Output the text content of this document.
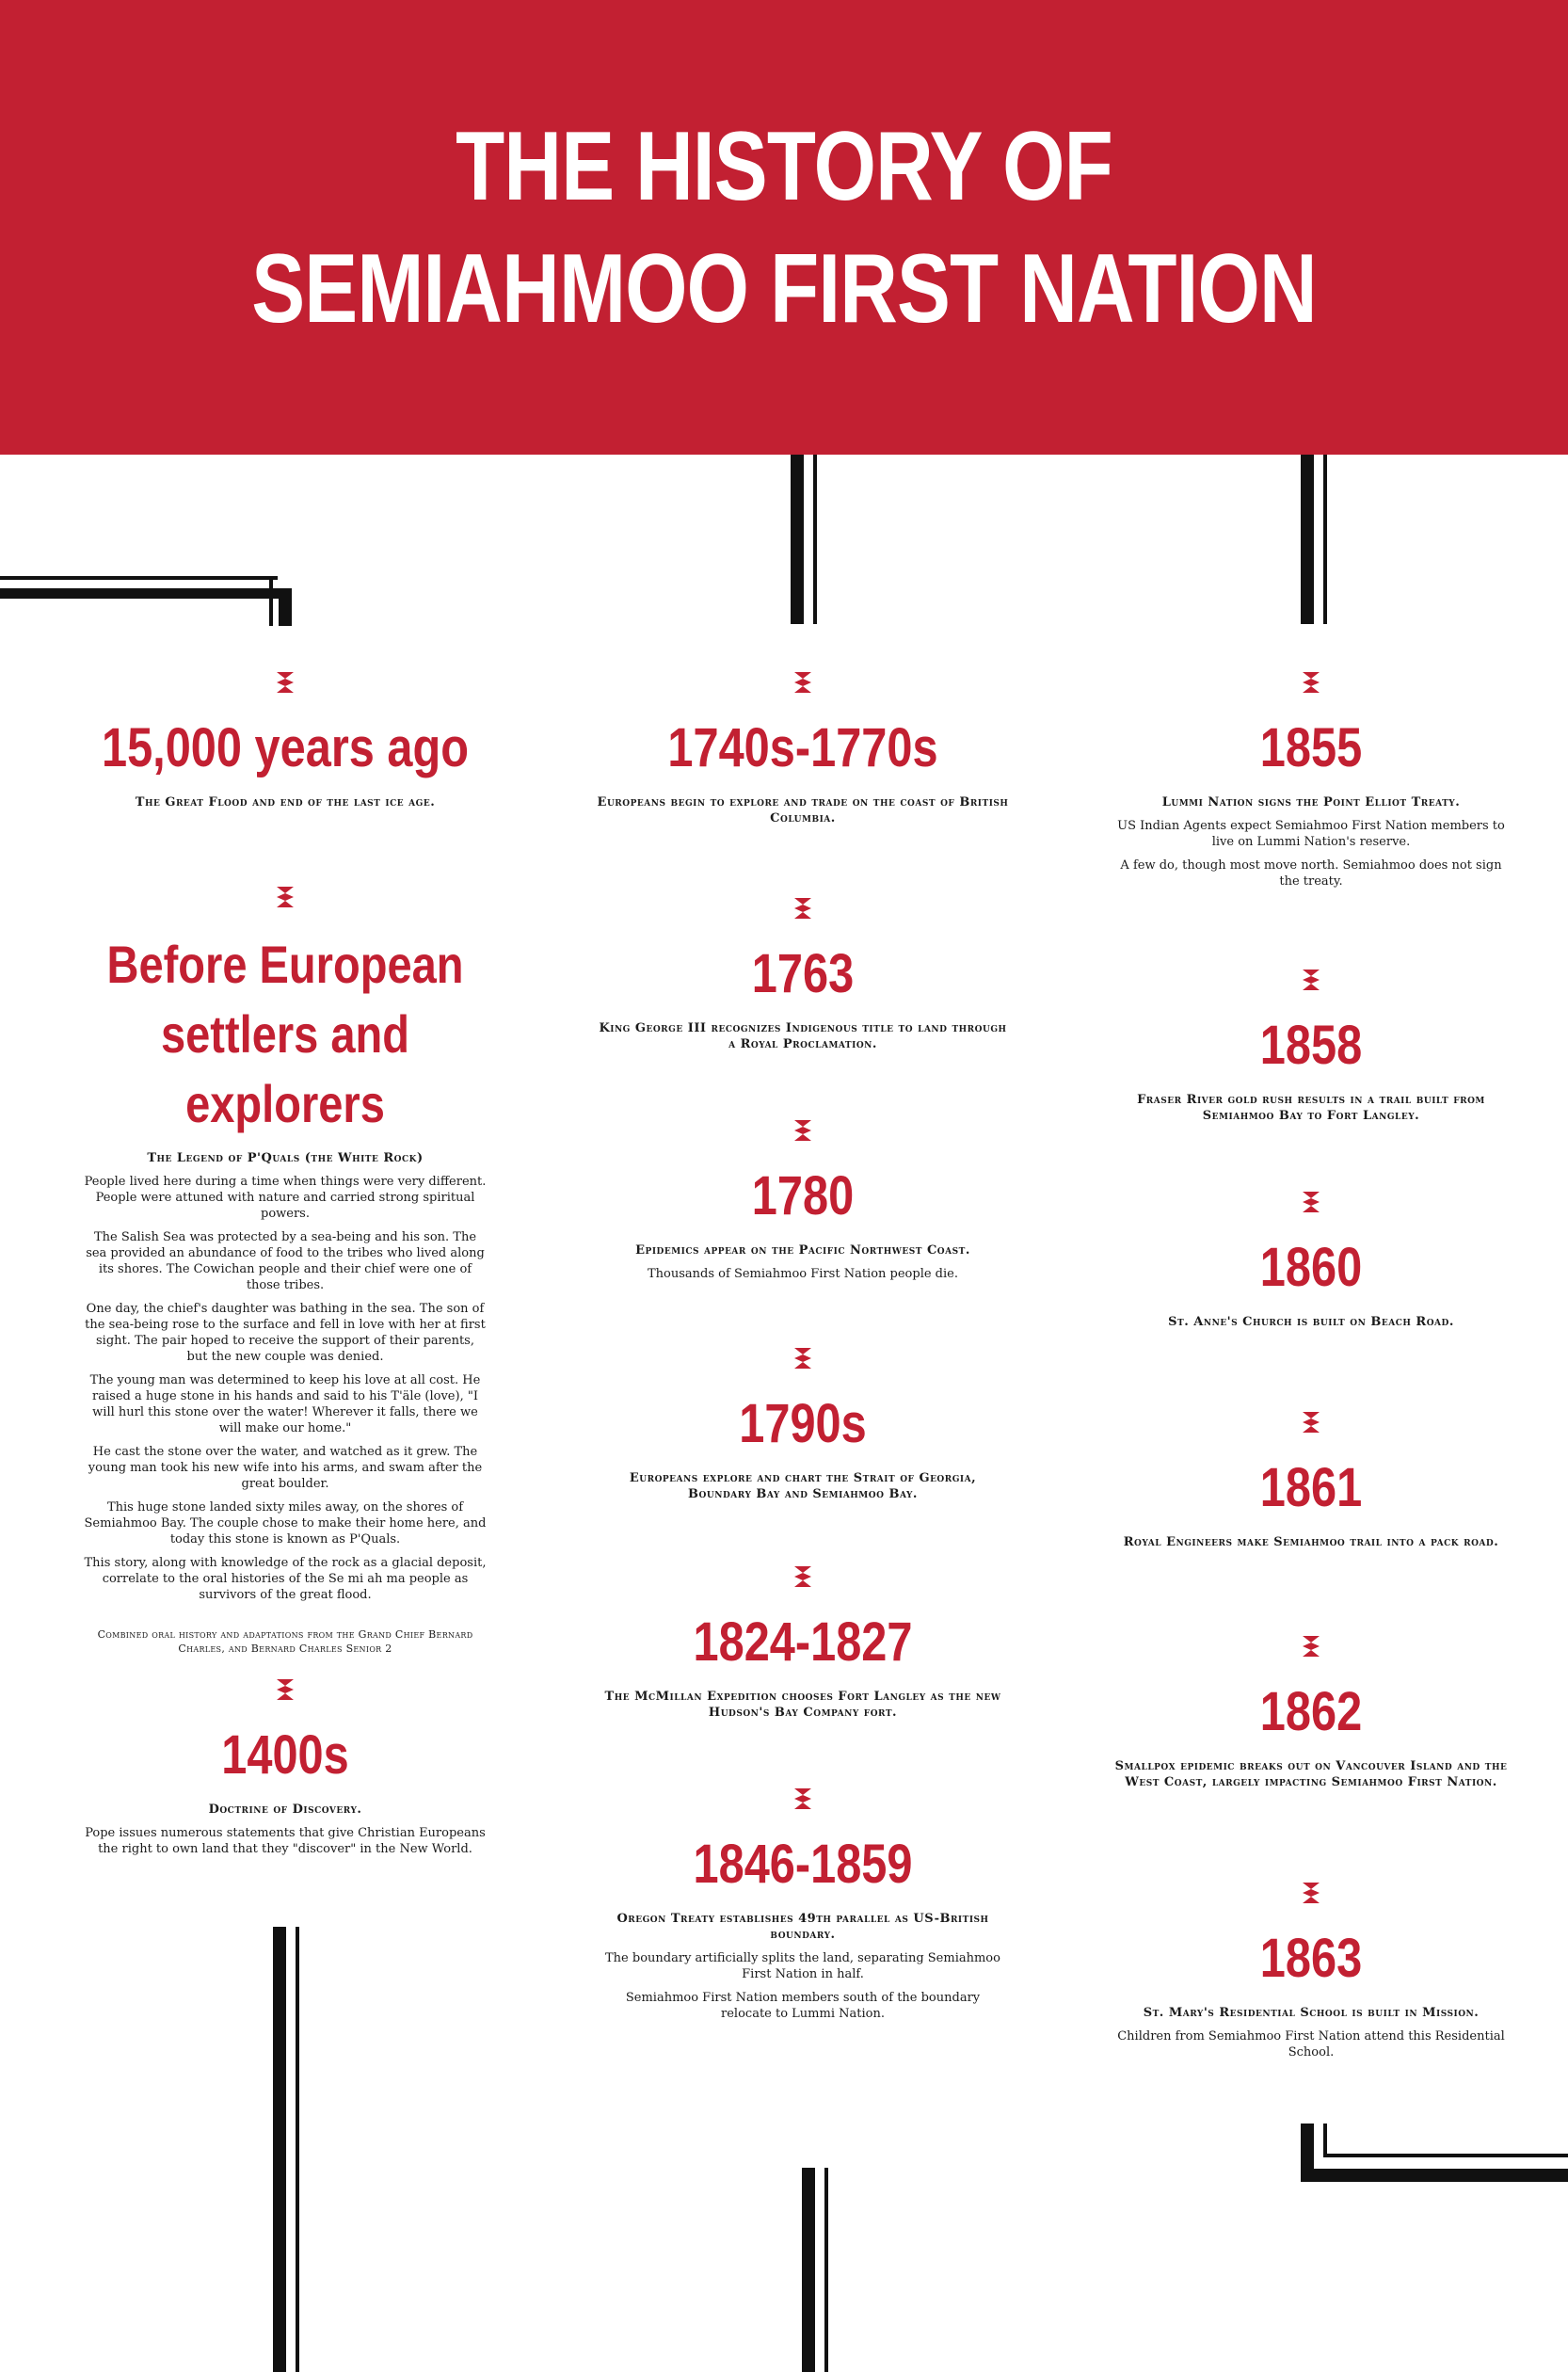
THE HISTORY OF
SEMIAHMOO FIRST NATION
15,000 years ago
The Great Flood and end of the last ice age.
Before European
settlers and explorers
The Legend of P'Quals (the White Rock)
People lived here during a time when things were very different. People were attuned with nature and carried strong spiritual powers.
The Salish Sea was protected by a sea-being and his son. The sea provided an abundance of food to the tribes who lived along its shores. The Cowichan people and their chief were one of those tribes.
One day, the chief's daughter was bathing in the sea. The son of the sea-being rose to the surface and fell in love with her at first sight. The pair hoped to receive the support of their parents, but the new couple was denied.
The young man was determined to keep his love at all cost. He raised a huge stone in his hands and said to his T'äle (love), "I will hurl this stone over the water! Wherever it falls, there we will make our home."
He cast the stone over the water, and watched as it grew. The young man took his new wife into his arms, and swam after the great boulder.
This huge stone landed sixty miles away, on the shores of Semiahmoo Bay. The couple chose to make their home here, and today this stone is known as P'Quals.
This story, along with knowledge of the rock as a glacial deposit, correlate to the oral histories of the Se mi ah ma people as survivors of the great flood.
Combined oral history and adaptations from the Grand Chief Bernard Charles, and Bernard Charles Senior 2
1400s
Doctrine of Discovery.
Pope issues numerous statements that give Christian Europeans the right to own land that they "discover" in the New World.
1740s-1770s
Europeans begin to explore and trade on the coast of British Columbia.
1763
King George III recognizes Indigenous title to land through a Royal Proclamation.
1780
Epidemics appear on the Pacific Northwest Coast.
Thousands of Semiahmoo First Nation people die.
1790s
Europeans explore and chart the Strait of Georgia, Boundary Bay and Semiahmoo Bay.
1824-1827
The McMillan Expedition chooses Fort Langley as the new Hudson's Bay Company fort.
1846-1859
Oregon Treaty establishes 49th parallel as US-British boundary.
The boundary artificially splits the land, separating Semiahmoo First Nation in half.
Semiahmoo First Nation members south of the boundary relocate to Lummi Nation.
1855
Lummi Nation signs the Point Elliot Treaty.
US Indian Agents expect Semiahmoo First Nation members to live on Lummi Nation's reserve.
A few do, though most move north. Semiahmoo does not sign the treaty.
1858
Fraser River gold rush results in a trail built from Semiahmoo Bay to Fort Langley.
1860
St. Anne's Church is built on Beach Road.
1861
Royal Engineers make Semiahmoo trail into a pack road.
1862
Smallpox epidemic breaks out on Vancouver Island and the West Coast, largely impacting Semiahmoo First Nation.
1863
St. Mary's Residential School is built in Mission.
Children from Semiahmoo First Nation attend this Residential School.
